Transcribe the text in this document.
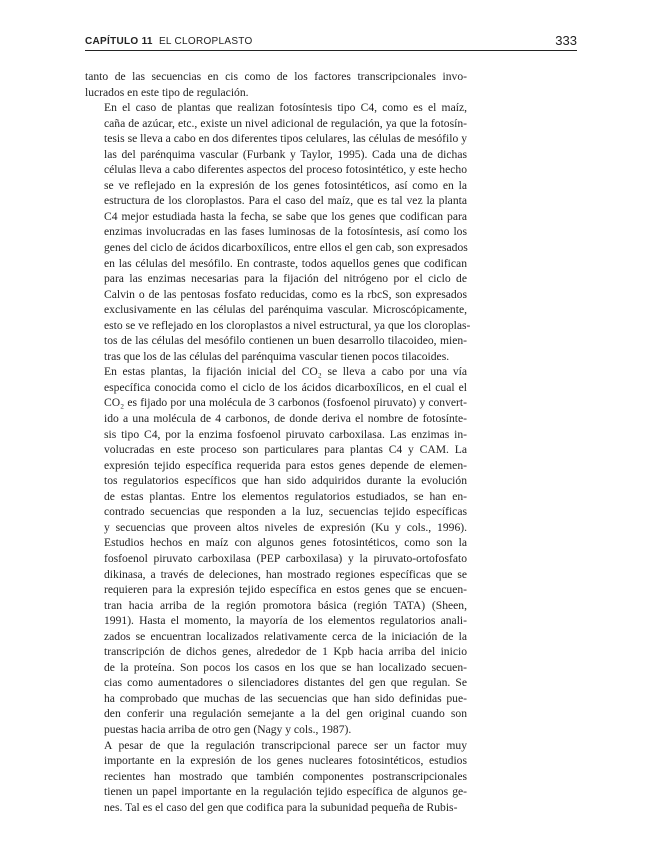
CAPÍTULO 11 EL CLOROPLASTO	333

tanto de las secuencias en cis como de los factores transcripcionales invo-
lucrados en este tipo de regulación.

En el caso de plantas que realizan fotosíntesis tipo C4, como es el maíz,
caña de azúcar, etc., existe un nivel adicional de regulación, ya que la fotosín-
tesis se lleva a cabo en dos diferentes tipos celulares, las células de mesófilo y
las del parénquima vascular (Furbank y Taylor, 1995). Cada una de dichas
células lleva a cabo diferentes aspectos del proceso fotosintético, y este hecho
se ve reflejado en la expresión de los genes fotosintéticos, así como en la
estructura de los cloroplastos. Para el caso del maíz, que es tal vez la planta
C4 mejor estudiada hasta la fecha, se sabe que los genes que codifican para
enzimas involucradas en las fases luminosas de la fotosíntesis, así como los
genes del ciclo de ácidos dicarboxílicos, entre ellos el gen cab, son expresados
en las células del mesófilo. En contraste, todos aquellos genes que codifican
para las enzimas necesarias para la fijación del nitrógeno por el ciclo de
Calvin o de las pentosas fosfato reducidas, como es la rbcS, son expresados
exclusivamente en las células del parénquima vascular. Microscópicamente,
esto se ve reflejado en los cloroplastos a nivel estructural, ya que los cloroplas-
tos de las células del mesófilo contienen un buen desarrollo tilacoideo, mien-
tras que los de las células del parénquima vascular tienen pocos tilacoides.

En estas plantas, la fijación inicial del CO₂ se lleva a cabo por una vía
específica conocida como el ciclo de los ácidos dicarboxílicos, en el cual el
CO₂ es fijado por una molécula de 3 carbonos (fosfoenol piruvato) y convert-
ido a una molécula de 4 carbonos, de donde deriva el nombre de fotosínte-
sis tipo C4, por la enzima fosfoenol piruvato carboxilasa. Las enzimas in-
volucradas en este proceso son particulares para plantas C4 y CAM. La
expresión tejido específica requerida para estos genes depende de elemen-
tos regulatorios específicos que han sido adquiridos durante la evolución
de estas plantas. Entre los elementos regulatorios estudiados, se han en-
contrado secuencias que responden a la luz, secuencias tejido específicas
y secuencias que proveen altos niveles de expresión (Ku y cols., 1996).
Estudios hechos en maíz con algunos genes fotosintéticos, como son la
fosfoenol piruvato carboxilasa (PEP carboxilasa) y la piruvato-ortofosfato
dikinasa, a través de deleciones, han mostrado regiones específicas que se
requieren para la expresión tejido específica en estos genes que se encuen-
tran hacia arriba de la región promotora básica (región TATA) (Sheen,
1991). Hasta el momento, la mayoría de los elementos regulatorios anali-
zados se encuentran localizados relativamente cerca de la iniciación de la
transcripción de dichos genes, alrededor de 1 Kpb hacia arriba del inicio
de la proteína. Son pocos los casos en los que se han localizado secuen-
cias como aumentadores o silenciadores distantes del gen que regulan. Se
ha comprobado que muchas de las secuencias que han sido definidas pue-
den conferir una regulación semejante a la del gen original cuando son
puestas hacia arriba de otro gen (Nagy y cols., 1987).

A pesar de que la regulación transcripcional parece ser un factor muy
importante en la expresión de los genes nucleares fotosintéticos, estudios
recientes han mostrado que también componentes postranscripcionales
tienen un papel importante en la regulación tejido específica de algunos ge-
nes. Tal es el caso del gen que codifica para la subunidad pequeña de Rubis-
